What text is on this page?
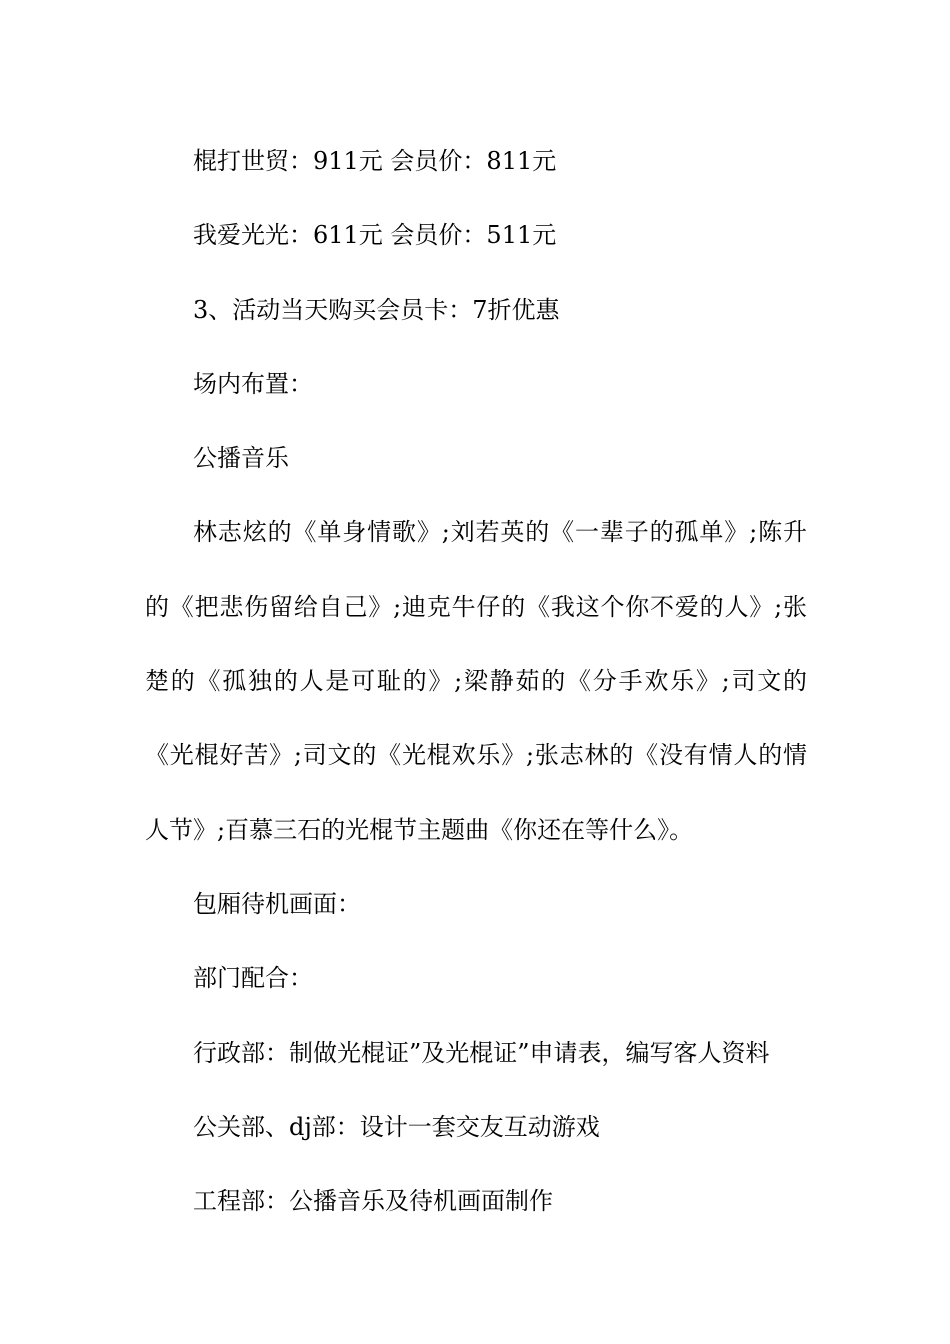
棍打世贸：911元 会员价：811元

我爱光光：611元 会员价：511元

3、活动当天购买会员卡：7折优惠

场内布置：

公播音乐

林志炫的《单身情歌》;刘若英的《一辈子的孤单》;陈升的《把悲伤留给自己》;迪克牛仔的《我这个你不爱的人》;张楚的《孤独的人是可耻的》;梁静茹的《分手欢乐》;司文的《光棍好苦》;司文的《光棍欢乐》;张志林的《没有情人的情人节》;百慕三石的光棍节主题曲《你还在等什么》。

包厢待机画面：

部门配合：

行政部：制做光棍证”及光棍证”申请表，编写客人资料

公关部、dj部：设计一套交友互动游戏

工程部：公播音乐及待机画面制作
